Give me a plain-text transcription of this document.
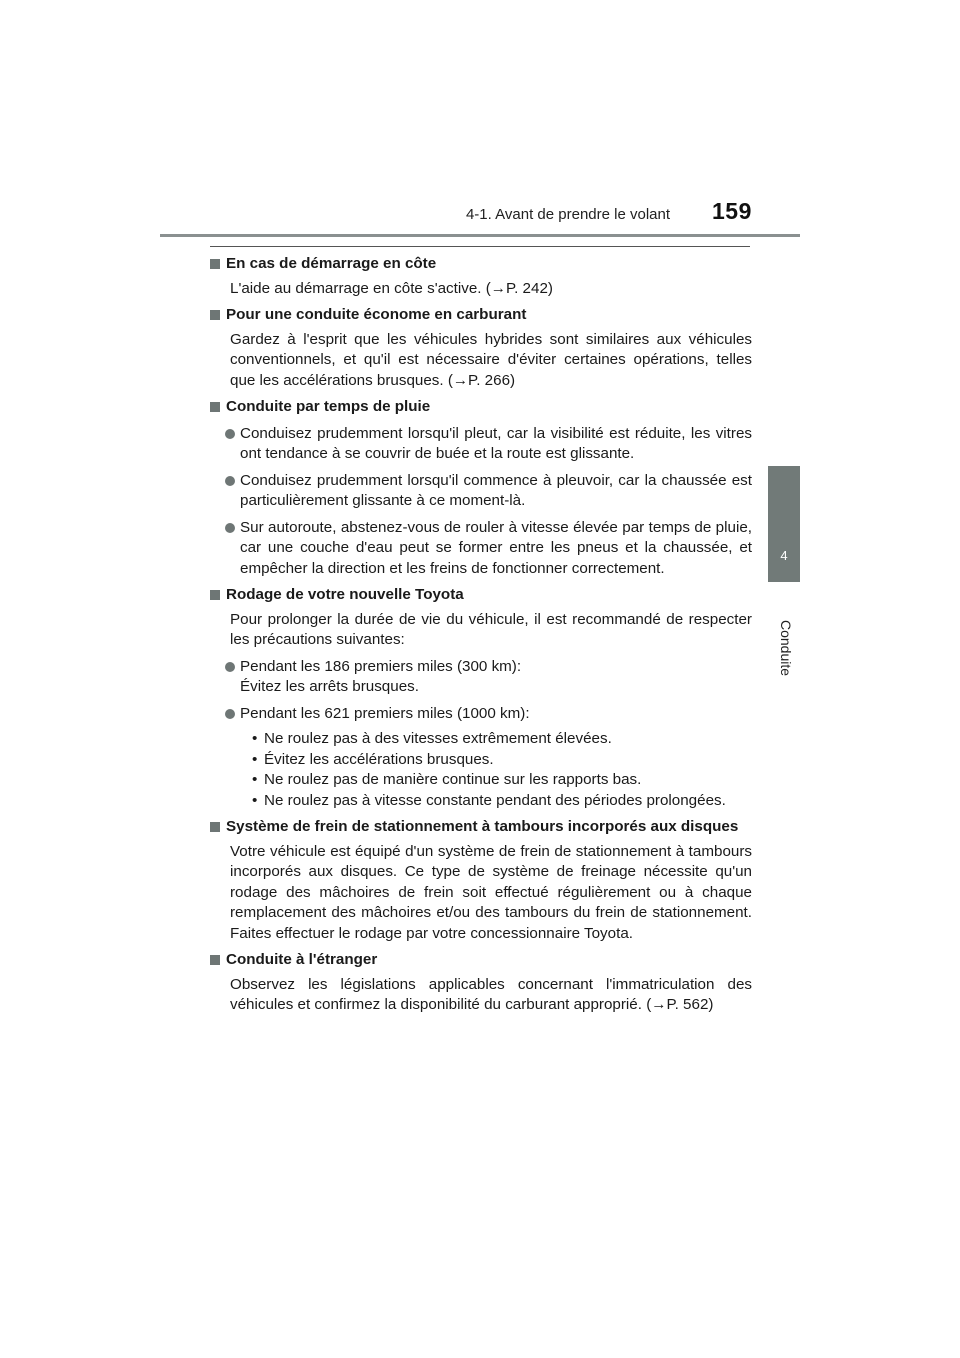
4-1. Avant de prendre le volant 159
4
Conduite
En cas de démarrage en côte
L'aide au démarrage en côte s'active. (→P. 242)
Pour une conduite économe en carburant
Gardez à l'esprit que les véhicules hybrides sont similaires aux véhicules conventionnels, et qu'il est nécessaire d'éviter certaines opérations, telles que les accélérations brusques. (→P. 266)
Conduite par temps de pluie
Conduisez prudemment lorsqu'il pleut, car la visibilité est réduite, les vitres ont tendance à se couvrir de buée et la route est glissante.
Conduisez prudemment lorsqu'il commence à pleuvoir, car la chaussée est particulièrement glissante à ce moment-là.
Sur autoroute, abstenez-vous de rouler à vitesse élevée par temps de pluie, car une couche d'eau peut se former entre les pneus et la chaussée, et empêcher la direction et les freins de fonctionner correctement.
Rodage de votre nouvelle Toyota
Pour prolonger la durée de vie du véhicule, il est recommandé de respecter les précautions suivantes:
Pendant les 186 premiers miles (300 km):
Évitez les arrêts brusques.
Pendant les 621 premiers miles (1000 km):
• Ne roulez pas à des vitesses extrêmement élevées.
• Évitez les accélérations brusques.
• Ne roulez pas de manière continue sur les rapports bas.
• Ne roulez pas à vitesse constante pendant des périodes prolongées.
Système de frein de stationnement à tambours incorporés aux disques
Votre véhicule est équipé d'un système de frein de stationnement à tambours incorporés aux disques. Ce type de système de freinage nécessite qu'un rodage des mâchoires de frein soit effectué régulièrement ou à chaque remplacement des mâchoires et/ou des tambours du frein de stationnement. Faites effectuer le rodage par votre concessionnaire Toyota.
Conduite à l'étranger
Observez les législations applicables concernant l'immatriculation des véhicules et confirmez la disponibilité du carburant approprié. (→P. 562)
